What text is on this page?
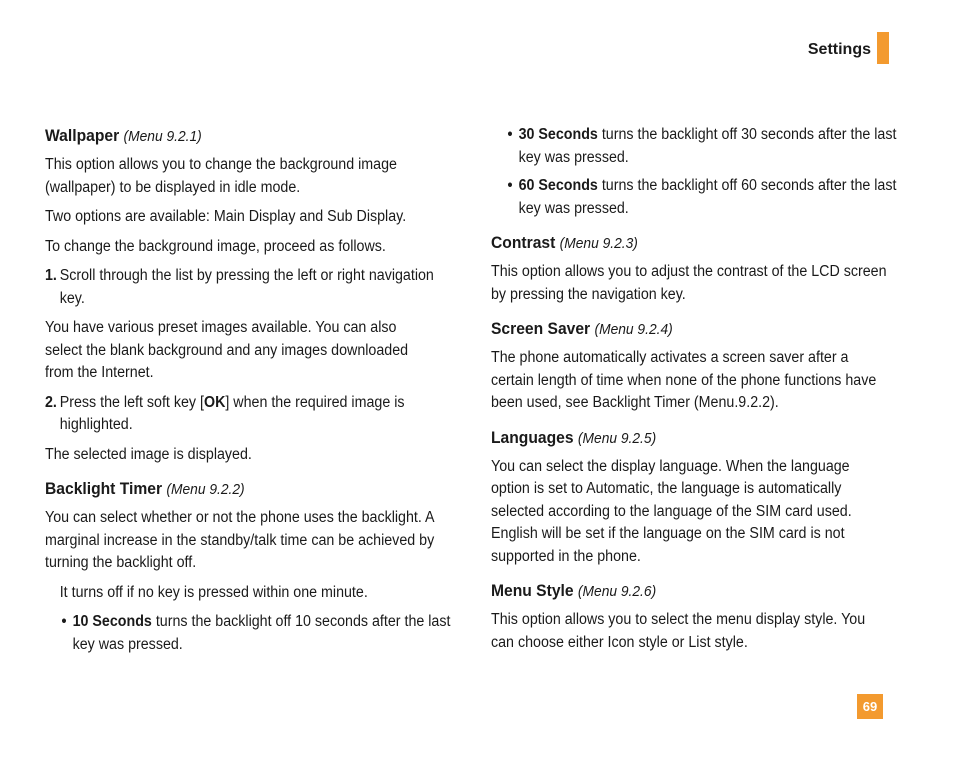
Settings
Wallpaper (Menu 9.2.1)

This option allows you to change the background image (wallpaper) to be displayed in idle mode.

Two options are available: Main Display and Sub Display.

To change the background image, proceed as follows.

1. Scroll through the list by pressing the left or right navigation key.

You have various preset images available. You can also select the blank background and any images downloaded from the Internet.

2. Press the left soft key [OK] when the required image is highlighted.

The selected image is displayed.

Backlight Timer (Menu 9.2.2)

You can select whether or not the phone uses the backlight. A marginal increase in the standby/talk time can be achieved by turning the backlight off.

It turns off if no key is pressed within one minute.

• 10 Seconds turns the backlight off 10 seconds after the last key was pressed.

• 30 Seconds turns the backlight off 30 seconds after the last key was pressed.

• 60 Seconds turns the backlight off 60 seconds after the last key was pressed.

Contrast (Menu 9.2.3)

This option allows you to adjust the contrast of the LCD screen by pressing the navigation key.

Screen Saver (Menu 9.2.4)

The phone automatically activates a screen saver after a certain length of time when none of the phone functions have been used, see Backlight Timer (Menu.9.2.2).

Languages (Menu 9.2.5)

You can select the display language. When the language option is set to Automatic, the language is automatically selected according to the language of the SIM card used. English will be set if the language on the SIM card is not supported in the phone.

Menu Style (Menu 9.2.6)

This option allows you to select the menu display style. You can choose either Icon style or List style.

69
